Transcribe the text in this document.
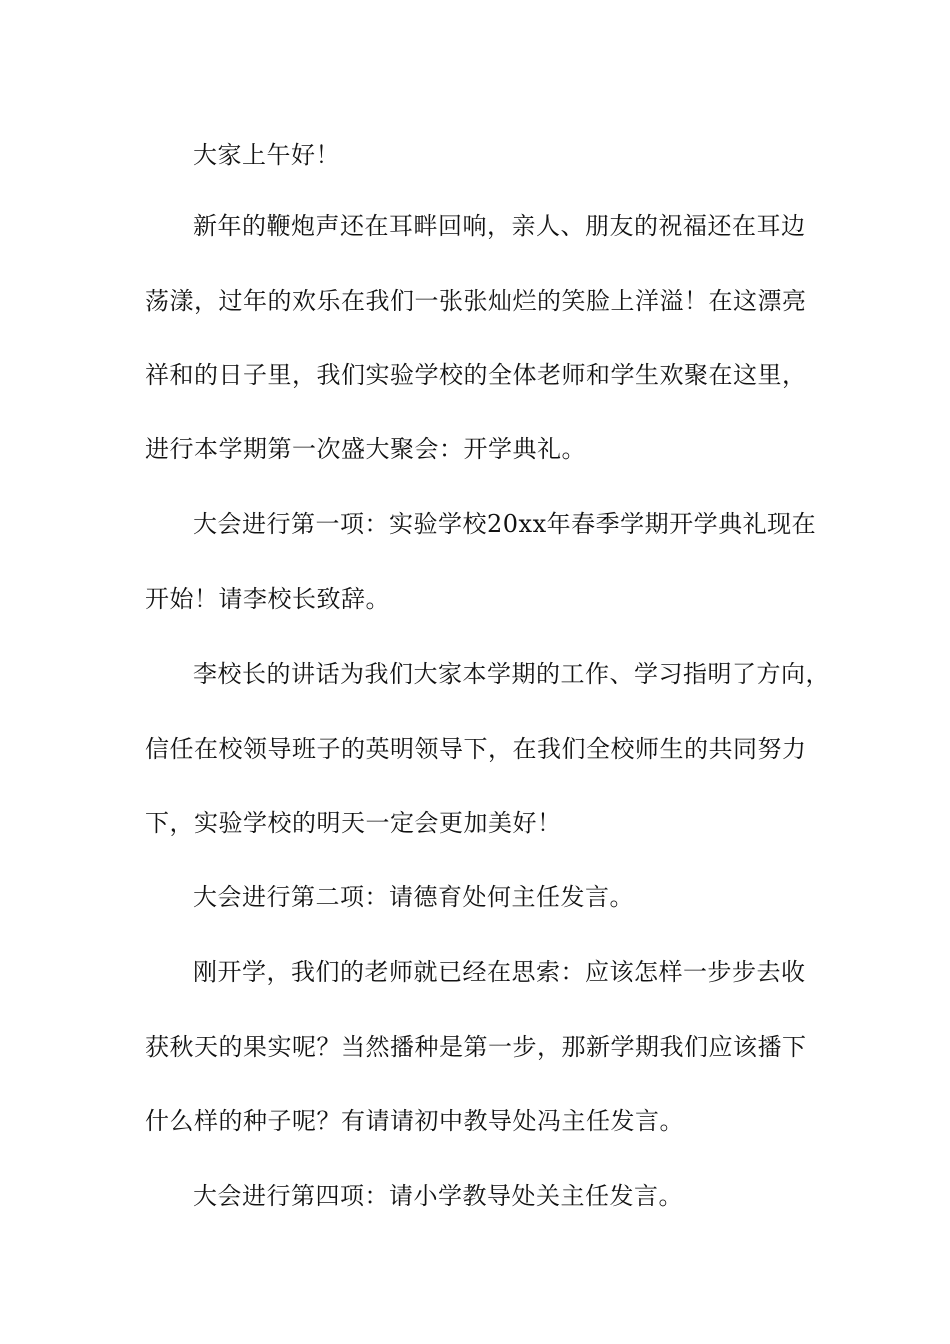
大家上午好！
新年的鞭炮声还在耳畔回响，亲人、朋友的祝福还在耳边
荡漾，过年的欢乐在我们一张张灿烂的笑脸上洋溢！在这漂亮
祥和的日子里，我们实验学校的全体老师和学生欢聚在这里，
进行本学期第一次盛大聚会：开学典礼。
大会进行第一项：实验学校20xx年春季学期开学典礼现在
开始！请李校长致辞。
李校长的讲话为我们大家本学期的工作、学习指明了方向，
信任在校领导班子的英明领导下，在我们全校师生的共同努力
下，实验学校的明天一定会更加美好！
大会进行第二项：请德育处何主任发言。
刚开学，我们的老师就已经在思索：应该怎样一步步去收
获秋天的果实呢？当然播种是第一步，那新学期我们应该播下
什么样的种子呢？有请请初中教导处冯主任发言。
大会进行第四项：请小学教导处关主任发言。
